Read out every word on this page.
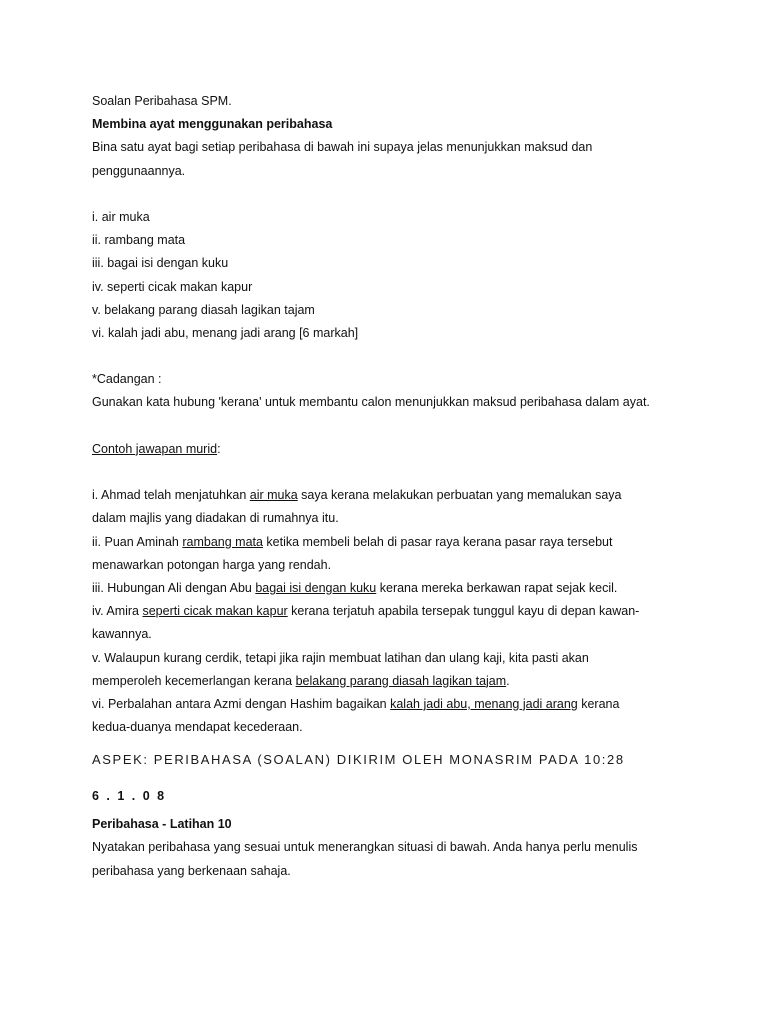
Soalan Peribahasa SPM.
Membina ayat menggunakan peribahasa
Bina satu ayat bagi setiap peribahasa di bawah ini supaya jelas menunjukkan maksud dan
penggunaannya.
i. air muka
ii. rambang mata
iii. bagai isi dengan kuku
iv. seperti cicak makan kapur
v. belakang parang diasah lagikan tajam
vi. kalah jadi abu, menang jadi arang [6 markah]
*Cadangan :
Gunakan kata hubung 'kerana' untuk membantu calon menunjukkan maksud peribahasa dalam ayat.
Contoh jawapan murid:
i. Ahmad telah menjatuhkan air muka saya kerana melakukan perbuatan yang memalukan saya
dalam majlis yang diadakan di rumahnya itu.
ii. Puan Aminah rambang mata ketika membeli belah di pasar raya kerana pasar raya tersebut
menawarkan potongan harga yang rendah.
iii. Hubungan Ali dengan Abu bagai isi dengan kuku kerana mereka berkawan rapat sejak kecil.
iv. Amira seperti cicak makan kapur kerana terjatuh apabila tersepak tunggul kayu di depan kawan-
kawannya.
v. Walaupun kurang cerdik, tetapi jika rajin membuat latihan dan ulang kaji, kita pasti akan
memperoleh kecemerlangan kerana belakang parang diasah lagikan tajam.
vi. Perbalahan antara Azmi dengan Hashim bagaikan kalah jadi abu, menang jadi arang kerana
kedua-duanya mendapat kecederaan.
ASPEK: PERIBAHASA (SOALAN) DIKIRIM OLEH MONASRIM PADA 10:28
6 . 1 . 0 8
Peribahasa - Latihan 10
Nyatakan peribahasa yang sesuai untuk menerangkan situasi di bawah. Anda hanya perlu menulis
peribahasa yang berkenaan sahaja.
